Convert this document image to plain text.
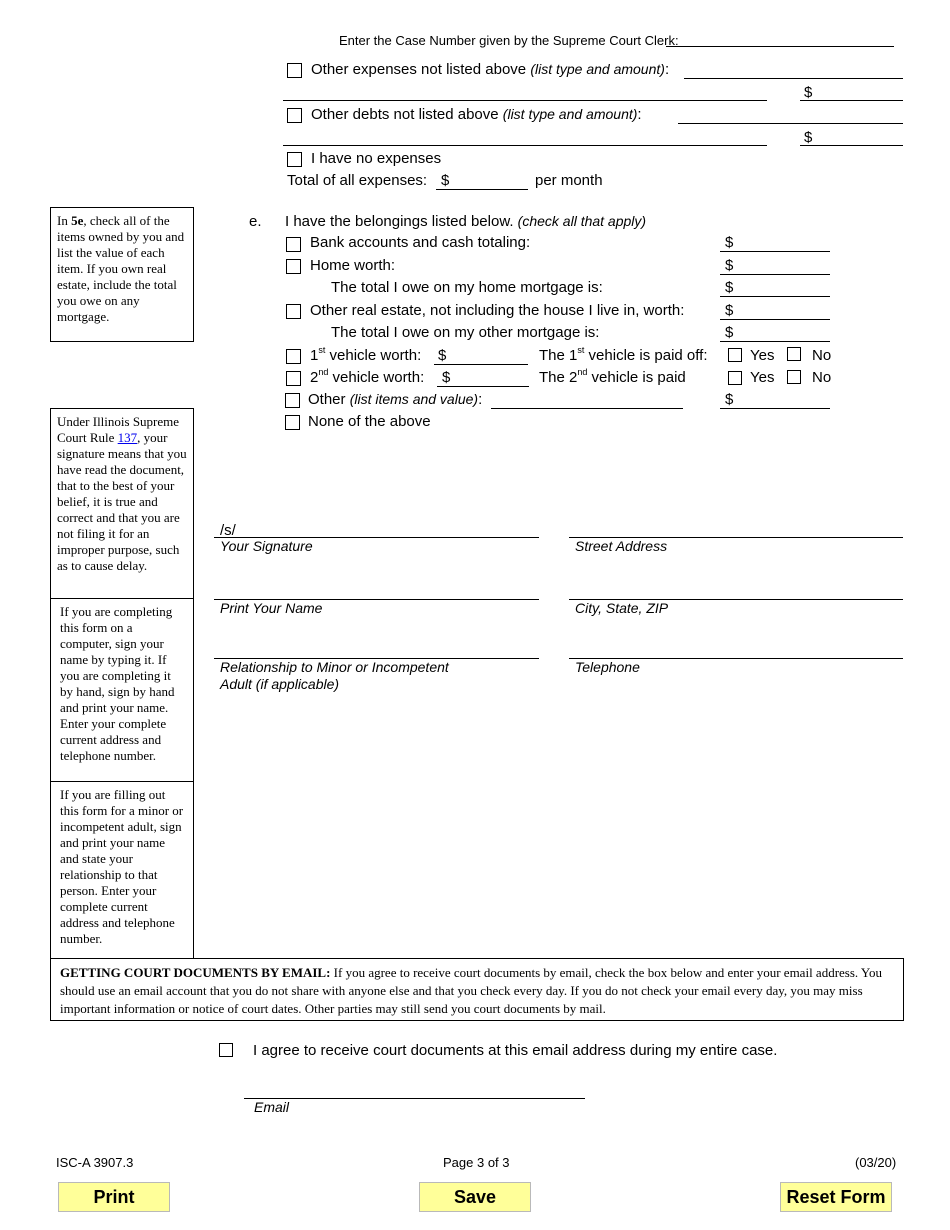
Enter the Case Number given by the Supreme Court Clerk:
Other expenses not listed above (list type and amount):
$
Other debts not listed above (list type and amount):
$
I have no expenses
Total of all expenses: $	per month
In 5e, check all of the items owned by you and list the value of each item. If you own real estate, include the total you owe on any mortgage.
e. I have the belongings listed below. (check all that apply)
Bank accounts and cash totaling:	$
Home worth:	$
The total I owe on my home mortgage is:	$
Other real estate, not including the house I live in, worth:	$
The total I owe on my other mortgage is:	$
1st vehicle worth: $	The 1st vehicle is paid off:	Yes	No
2nd vehicle worth: $	The 2nd vehicle is paid	Yes	No
Other (list items and value):	$
None of the above
Under Illinois Supreme Court Rule 137, your signature means that you have read the document, that to the best of your belief, it is true and correct and that you are not filing it for an improper purpose, such as to cause delay.
If you are completing this form on a computer, sign your name by typing it. If you are completing it by hand, sign by hand and print your name. Enter your complete current address and telephone number.
If you are filling out this form for a minor or incompetent adult, sign and print your name and state your relationship to that person. Enter your complete current address and telephone number.
/s/
Your Signature	Street Address
Print Your Name	City, State, ZIP
Relationship to Minor or Incompetent Adult (if applicable)
Telephone
GETTING COURT DOCUMENTS BY EMAIL: If you agree to receive court documents by email, check the box below and enter your email address. You should use an email account that you do not share with anyone else and that you check every day. If you do not check your email every day, you may miss important information or notice of court dates. Other parties may still send you court documents by mail.
I agree to receive court documents at this email address during my entire case.
Email
ISC-A 3907.3	Page 3 of 3	(03/20)
Print	Save	Reset Form
